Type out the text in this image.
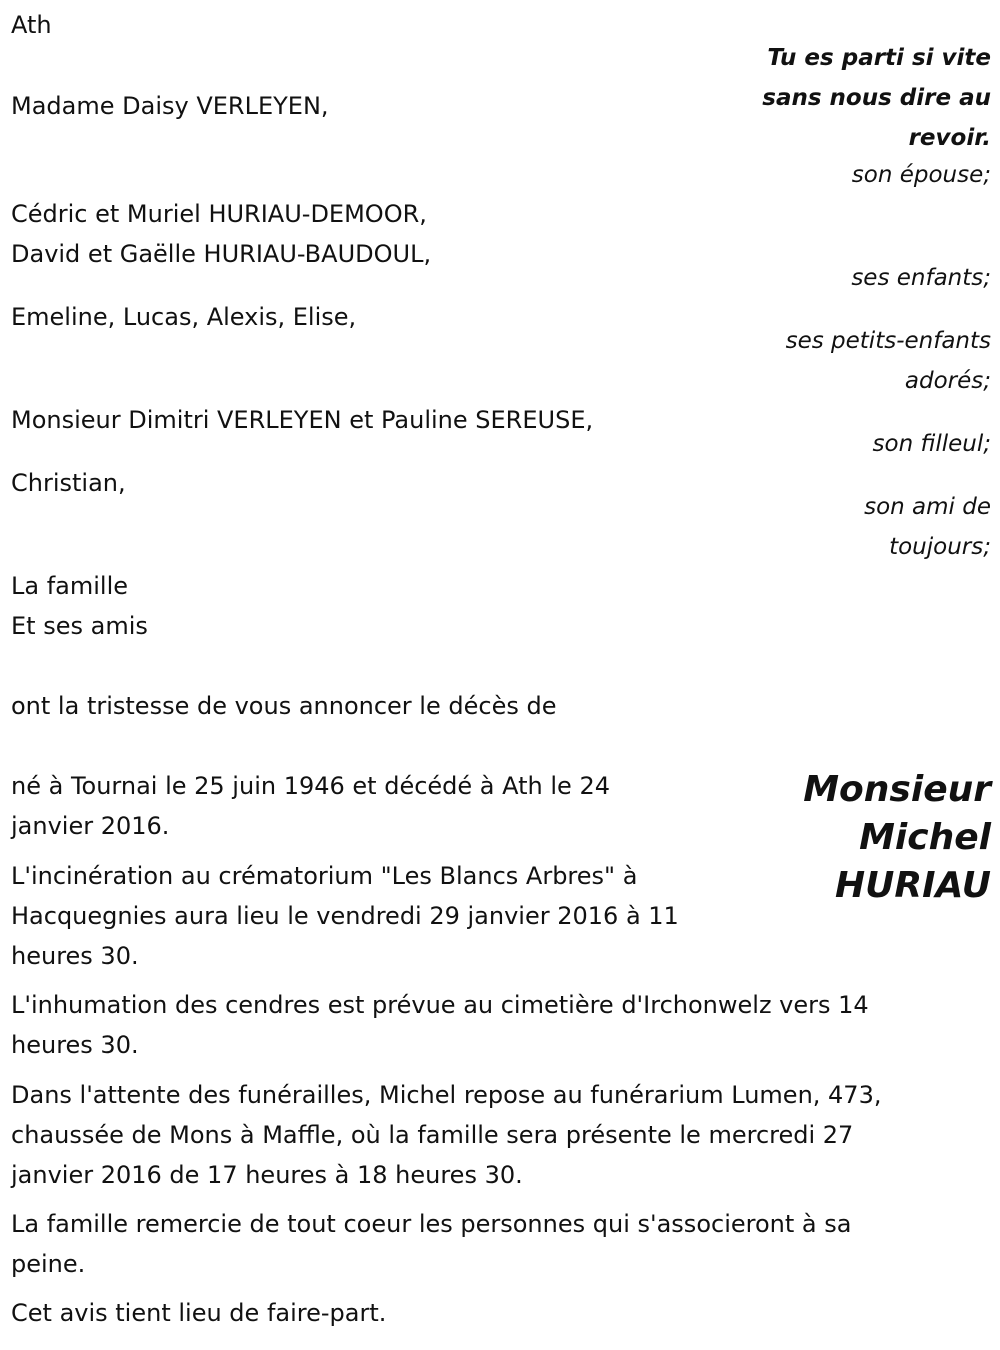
Ath

Tu es parti si vite

sans nous dire au

revoir.

Madame Daisy VERLEYEN,

son épouse;

Cédric et Muriel HURIAU-DEMOOR,

David et Gaëlle HURIAU-BAUDOUL,

ses enfants;

Emeline, Lucas, Alexis, Elise,

ses petits-enfants

adorés;

Monsieur Dimitri VERLEYEN et Pauline SEREUSE,

son filleul;

Christian,

son ami de

toujours;

La famille

Et ses amis

ont la tristesse de vous annoncer le décès de

Monsieur
Michel
HURIAU

né à Tournai le 25 juin 1946 et décédé à Ath le 24

janvier 2016.

L'incinération au crématorium "Les Blancs Arbres" à

Hacquegnies aura lieu le vendredi 29 janvier 2016 à 11

heures 30.

L'inhumation des cendres est prévue au cimetière d'Irchonwelz vers 14

heures 30.

Dans l'attente des funérailles, Michel repose au funérarium Lumen, 473,

chaussée de Mons à Maffle, où la famille sera présente le mercredi 27

janvier 2016 de 17 heures à 18 heures 30.

La famille remercie de tout coeur les personnes qui s'associeront à sa

peine.

Cet avis tient lieu de faire-part.
